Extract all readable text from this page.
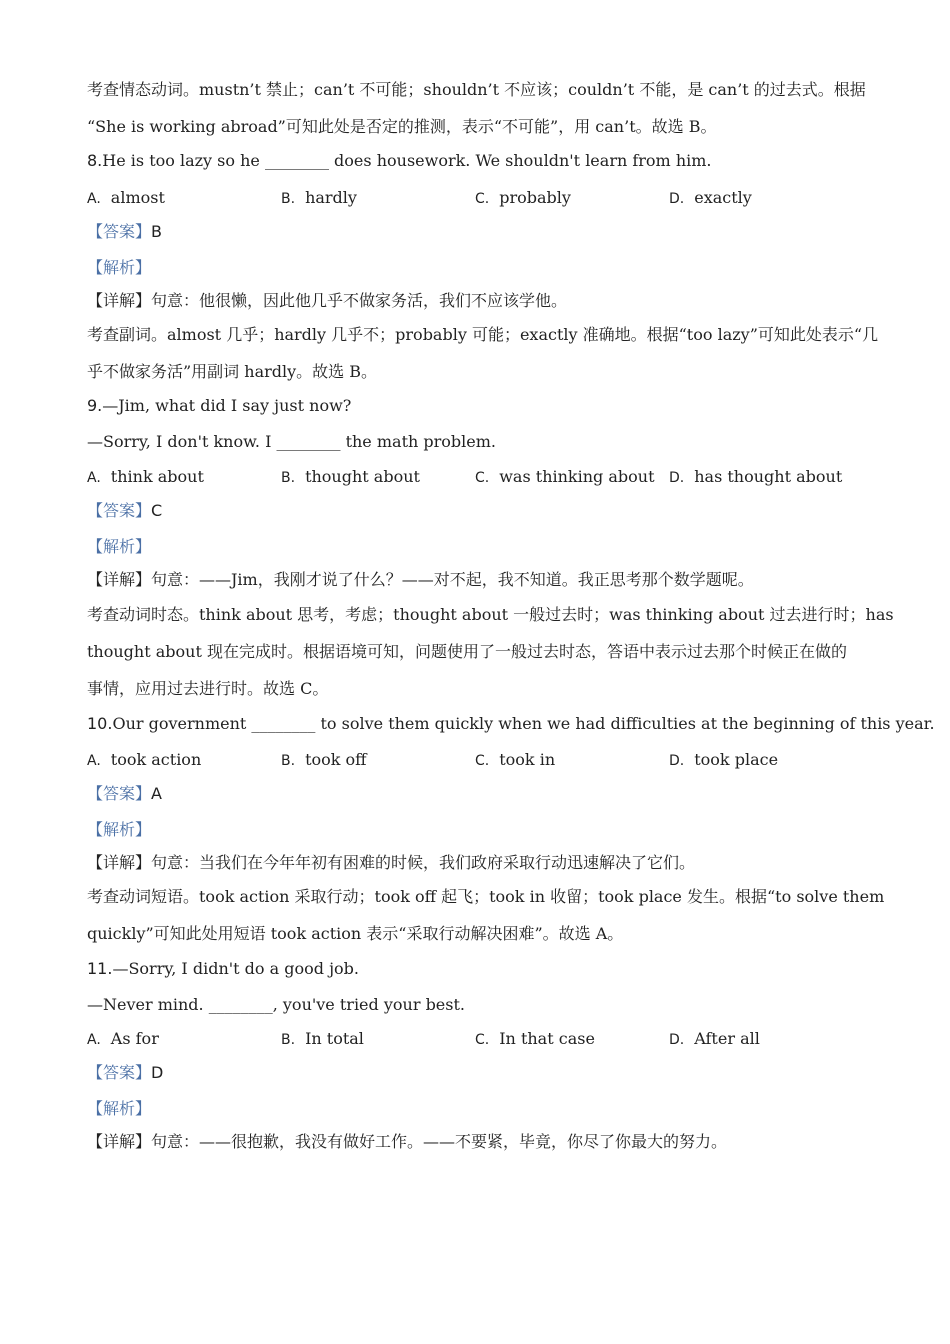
考查情态动词。mustn’t 禁止；can’t 不可能；shouldn’t 不应该；couldn’t 不能，是 can’t 的过去式。根据
“She is working abroad”可知此处是否定的推测，表示“不可能”，用 can’t。故选 B。
8.He is too lazy so he ________ does housework. We shouldn't learn from him.
A. almost	B. hardly	C. probably	D. exactly
【答案】B
【解析】
【详解】句意：他很懒，因此他几乎不做家务活，我们不应该学他。
考查副词。almost 几乎；hardly 几乎不；probably 可能；exactly 准确地。根据“too lazy”可知此处表示“几
乎不做家务活”用副词 hardly。故选 B。
9.—Jim, what did I say just now?
—Sorry, I don't know. I ________ the math problem.
A. think about	B. thought about	C. was thinking about D. has thought about
【答案】C
【解析】
【详解】句意：——Jim，我刚才说了什么？——对不起，我不知道。我正思考那个数学题呢。
考查动词时态。think about 思考，考虑；thought about 一般过去时；was thinking about 过去进行时；has
thought about 现在完成时。根据语境可知，问题使用了一般过去时态，答语中表示过去那个时候正在做的
事情，应用过去进行时。故选 C。
10.Our government ________ to solve them quickly when we had difficulties at the beginning of this year.
A. took action	B. took off	C. took in	D. took place
【答案】A
【解析】
【详解】句意：当我们在今年年初有困难的时候，我们政府采取行动迅速解决了它们。
考查动词短语。took action 采取行动；took off 起飞；took in 收留；took place 发生。根据“to solve them
quickly”可知此处用短语 took action 表示“采取行动解决困难”。故选 A。
11.—Sorry, I didn't do a good job.
—Never mind. ________, you've tried your best.
A. As for	B. In total	C. In that case	D. After all
【答案】D
【解析】
【详解】句意：——很抱歉，我没有做好工作。——不要紧，毕竟，你尽了你最大的努力。
